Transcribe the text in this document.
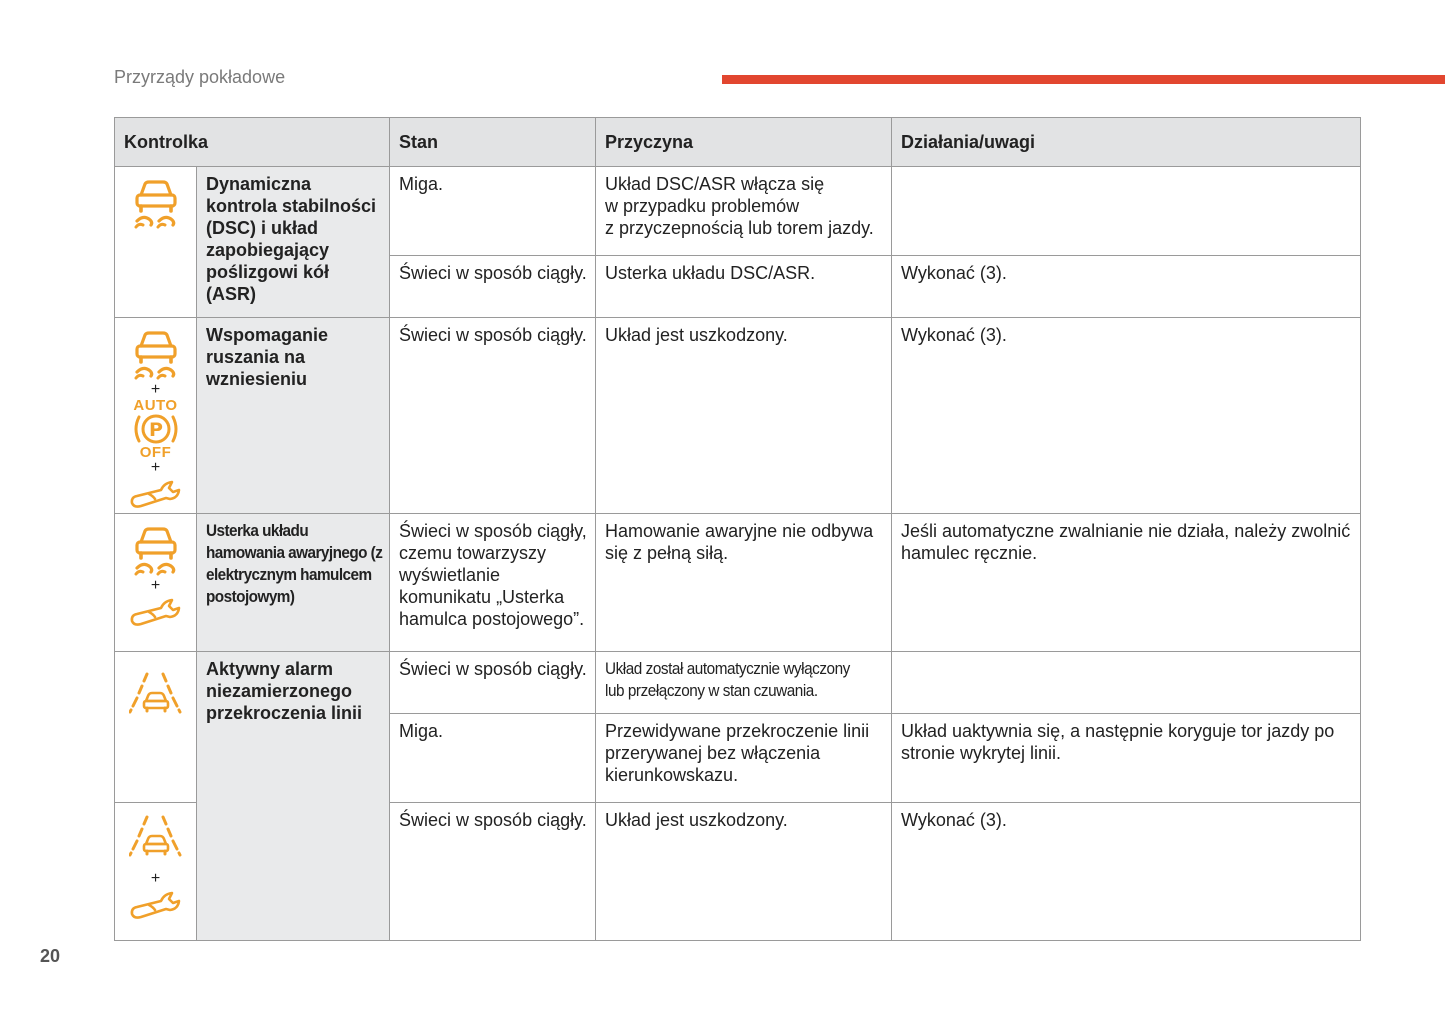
Przyrządy pokładowe
20
Kontrolka		Stan	Przyczyna	Działania/uwagi

	Dynamiczna kontrola stabilności (DSC) i układ zapobiegający poślizgowi kół (ASR)	Miga.	Układ DSC/ASR włącza się
w przypadku problemów
z przyczepnością lub torem jazdy.	
		Świeci w sposób ciągły.	Usterka układu DSC/ASR.	Wykonać (3).

+
AUTO
P
OFF
+	Wspomaganie ruszania na wzniesieniu	Świeci w sposób ciągły.	Układ jest uszkodzony.	Wykonać (3).

+	Usterka układu hamowania awaryjnego (z elektrycznym hamulcem postojowym)	Świeci w sposób ciągły, czemu towarzyszy wyświetlanie komunikatu „Usterka hamulca postojowego”.	Hamowanie awaryjne nie odbywa się z pełną siłą.	Jeśli automatyczne zwalnianie nie działa, należy zwolnić hamulec ręcznie.

	Aktywny alarm niezamierzonego przekroczenia linii	Świeci w sposób ciągły.	Układ został automatycznie wyłączony
lub przełączony w stan czuwania.	
		Miga.	Przewidywane przekroczenie linii przerywanej bez włączenia kierunkowskazu.	Układ uaktywnia się, a następnie koryguje tor jazdy po stronie wykrytej linii.

+		Świeci w sposób ciągły.	Układ jest uszkodzony.	Wykonać (3).
